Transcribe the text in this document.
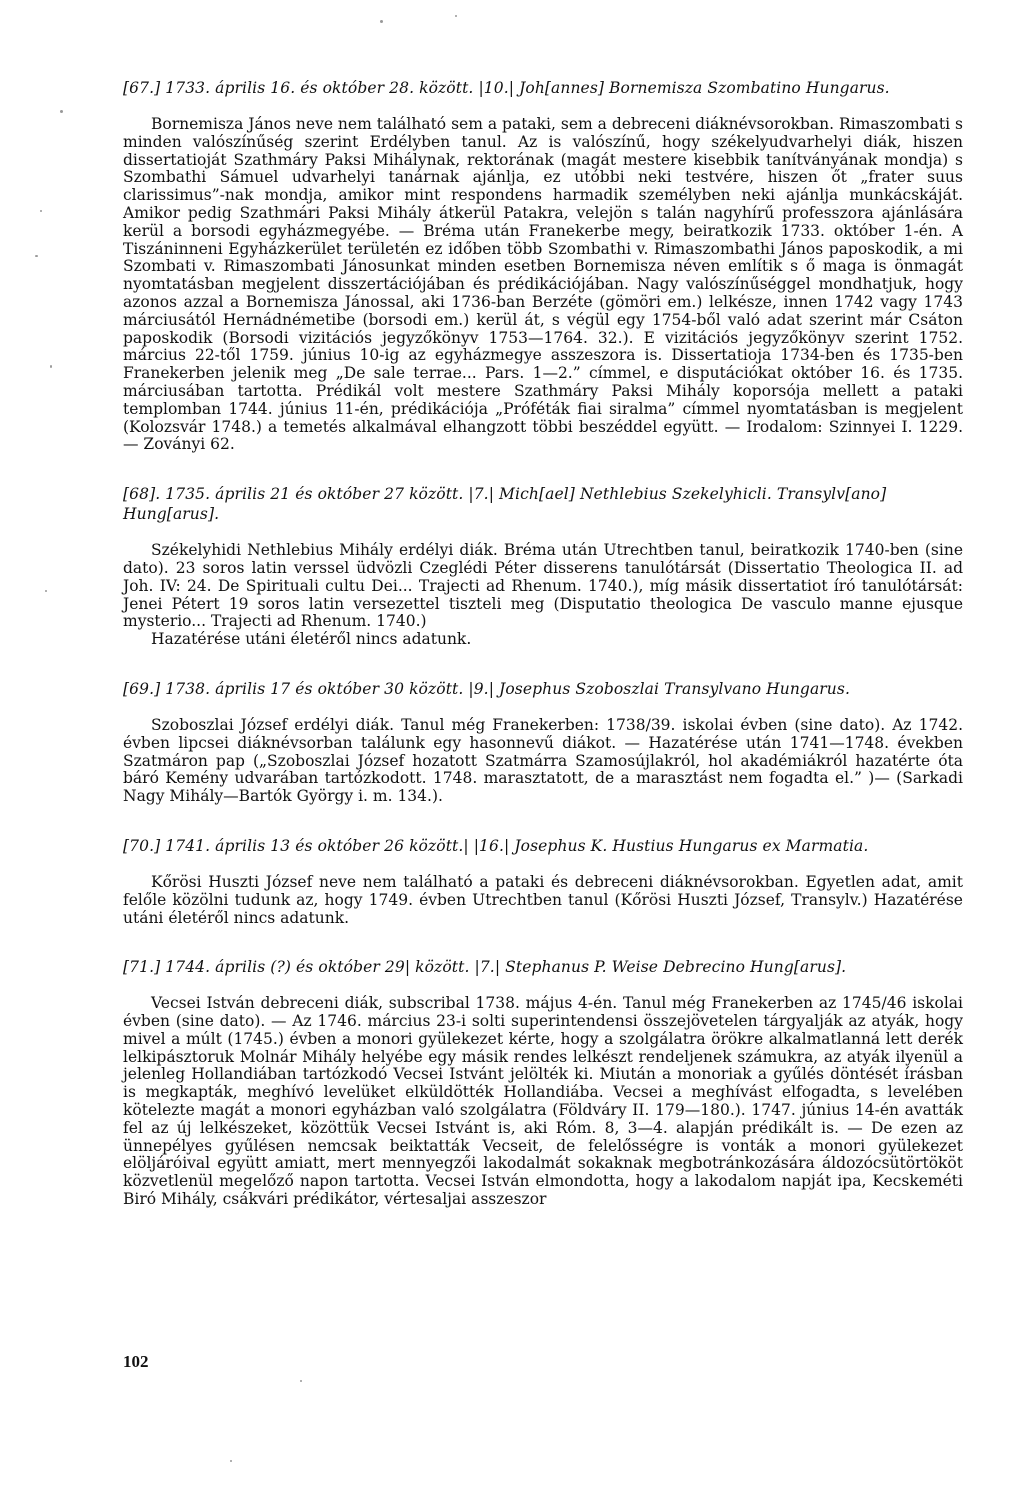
[67.] 1733. április 16. és október 28. között. |10.| Joh[annes] Bornemisza Szombatino Hungarus.

Bornemisza János neve nem található sem a pataki, sem a debreceni diáknévsorokban. Rimaszombati s minden valószínűség szerint Erdélyben tanul. Az is valószínű, hogy székelyudvarhelyi diák, hiszen dissertatioját Szathmáry Paksi Mihálynak, rektorának (magát mestere kisebbik tanítványának mondja) s Szombathi Sámuel udvarhelyi tanárnak ajánlja, ez utóbbi neki testvére, hiszen őt „frater suus clarissimus”-nak mondja, amikor mint respondens harmadik személyben neki ajánlja munkácskáját. Amikor pedig Szathmári Paksi Mihály átkerül Patakra, velejön s talán nagyhírű professzora ajánlására kerül a borsodi egyházmegyébe. — Bréma után Franekerbe megy, beiratkozik 1733. október 1-én. A Tiszáninneni Egyházkerület területén ez időben több Szombathi v. Rimaszombathi János paposkodik, a mi Szombati v. Rimaszombati Jánosunkat minden esetben Bornemisza néven említik s ő maga is önmagát nyomtatásban megjelent disszertációjában és prédikációjában. Nagy valószínűséggel mondhatjuk, hogy azonos azzal a Bornemisza Jánossal, aki 1736-ban Berzéte (gömöri em.) lelkésze, innen 1742 vagy 1743 márciusától Hernádnémetibe (borsodi em.) kerül át, s végül egy 1754-ből való adat szerint már Csáton paposkodik (Borsodi vizitációs jegyzőkönyv 1753—1764. 32.). E vizitációs jegyzőkönyv szerint 1752. március 22-től 1759. június 10-ig az egyházmegye asszeszora is. Dissertatioja 1734-ben és 1735-ben Franekerben jelenik meg „De sale terrae... Pars. 1—2.” címmel, e disputációkat október 16. és 1735. márciusában tartotta. Prédikál volt mestere Szathmáry Paksi Mihály koporsója mellett a pataki templomban 1744. június 11-én, prédikációja „Próféták fiai siralma” címmel nyomtatásban is megjelent (Kolozsvár 1748.) a temetés alkalmával elhangzott többi beszéddel együtt. — Irodalom: Szinnyei I. 1229. — Zoványi 62.

[68]. 1735. április 21 és október 27 között. |7.| Mich[ael] Nethlebius Szekelyhicli. Transylv[ano] Hung[arus].

Székelyhidi Nethlebius Mihály erdélyi diák. Bréma után Utrechtben tanul, beiratkozik 1740-ben (sine dato). 23 soros latin verssel üdvözli Czeglédi Péter disserens tanulótársát (Dissertatio Theologica II. ad Joh. IV: 24. De Spirituali cultu Dei... Trajecti ad Rhenum. 1740.), míg másik dissertatiot író tanulótársát: Jenei Pétert 19 soros latin versezettel tiszteli meg (Disputatio theologica De vasculo manne ejusque mysterio... Trajecti ad Rhenum. 1740.)

Hazatérése utáni életéről nincs adatunk.

[69.] 1738. április 17 és október 30 között. |9.| Josephus Szoboszlai Transylvano Hungarus.

Szoboszlai József erdélyi diák. Tanul még Franekerben: 1738/39. iskolai évben (sine dato). Az 1742. évben lipcsei diáknévsorban találunk egy hasonnevű diákot. — Hazatérése után 1741—1748. években Szatmáron pap („Szoboszlai József hozatott Szatmárra Szamosújlakról, hol akadémiákról hazatérte óta báró Kemény udvarában tartózkodott. 1748. marasztatott, de a marasztást nem fogadta el.” )— (Sarkadi Nagy Mihály—Bartók György i. m. 134.).

[70.] 1741. április 13 és október 26 között.| |16.| Josephus K. Hustius Hungarus ex Marmatia.

Kőrösi Huszti József neve nem található a pataki és debreceni diáknévsorokban. Egyetlen adat, amit felőle közölni tudunk az, hogy 1749. évben Utrechtben tanul (Kőrösi Huszti József, Transylv.) Hazatérése utáni életéről nincs adatunk.

[71.] 1744. április (?) és október 29| között. |7.| Stephanus P. Weise Debrecino Hung[arus].

Vecsei István debreceni diák, subscribal 1738. május 4-én. Tanul még Franekerben az 1745/46 iskolai évben (sine dato). — Az 1746. március 23-i solti superintendensi összejövetelen tárgyalják az atyák, hogy mivel a múlt (1745.) évben a monori gyülekezet kérte, hogy a szolgálatra örökre alkalmatlanná lett derék lelkipásztoruk Molnár Mihály helyébe egy másik rendes lelkészt rendeljenek számukra, az atyák ilyenül a jelenleg Hollandiában tartózkodó Vecsei Istvánt jelölték ki. Miután a monoriak a gyűlés döntését írásban is megkapták, meghívó levelüket elküldötték Hollandiába. Vecsei a meghívást elfogadta, s levelében kötelezte magát a monori egyházban való szolgálatra (Földváry II. 179—180.). 1747. június 14-én avatták fel az új lelkészeket, közöttük Vecsei Istvánt is, aki Róm. 8, 3—4. alapján prédikált is. — De ezen az ünnepélyes gyűlésen nemcsak beiktatták Vecseit, de felelősségre is vonták a monori gyülekezet elöljáróival együtt amiatt, mert mennyegzői lakodalmát sokaknak megbotránkozására áldozócsütörtököt közvetlenül megelőző napon tartotta. Vecsei István elmondotta, hogy a lakodalom napját ipa, Kecskeméti Biró Mihály, csákvári prédikátor, vértesaljai asszeszor

102
